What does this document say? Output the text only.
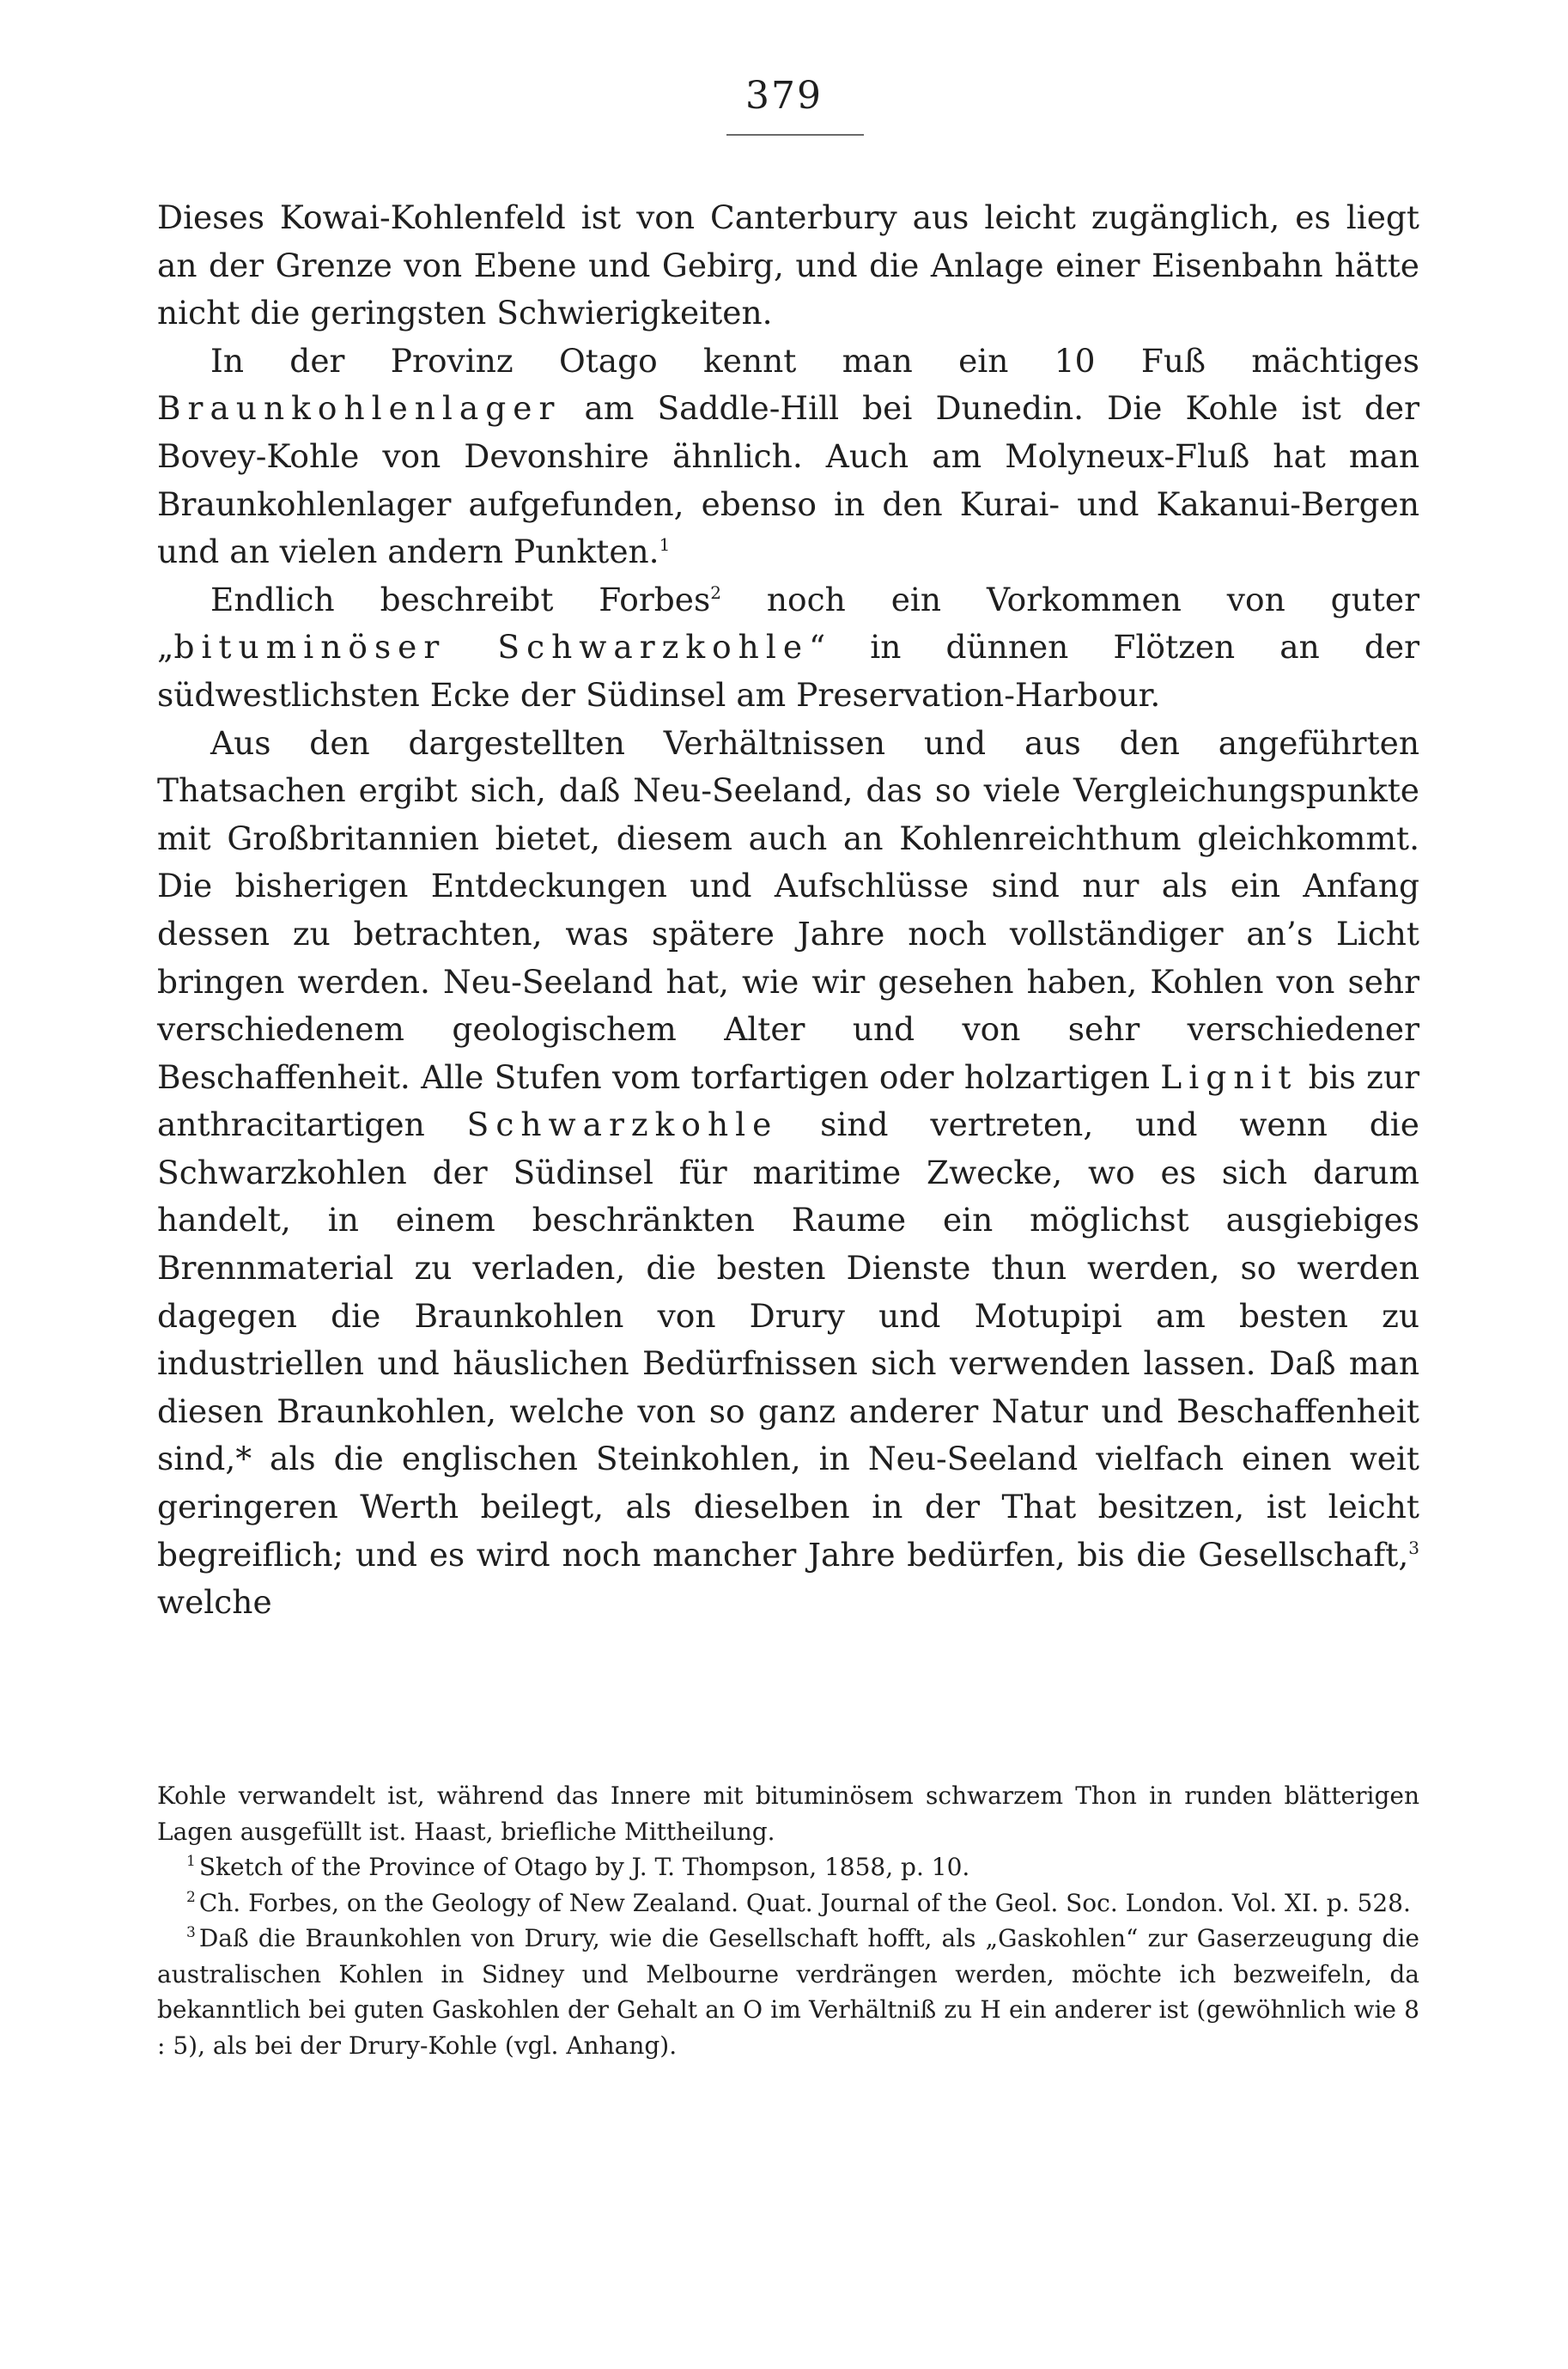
379

Dieses Kowai-Kohlenfeld ist von Canterbury aus leicht zugänglich, es liegt an der Grenze von Ebene und Gebirg, und die Anlage einer Eisenbahn hätte nicht die geringsten Schwierigkeiten.

In der Provinz Otago kennt man ein 10 Fuß mächtiges Braunkohlenlager am Saddle-Hill bei Dunedin. Die Kohle ist der Bovey-Kohle von Devonshire ähnlich. Auch am Molyneux-Fluß hat man Braunkohlenlager aufgefunden, ebenso in den Kurai- und Kakanui-Bergen und an vielen andern Punkten.$^1$

Endlich beschreibt Forbes$^2$ noch ein Vorkommen von guter „bituminöser Schwarzkohle“ in dünnen Flötzen an der südwestlichsten Ecke der Südinsel am Preservation-Harbour.

Aus den dargestellten Verhältnissen und aus den angeführten Thatsachen ergibt sich, daß Neu-Seeland, das so viele Vergleichungspunkte mit Großbritannien bietet, diesem auch an Kohlenreichthum gleichkommt. Die bisherigen Entdeckungen und Aufschlüsse sind nur als ein Anfang dessen zu betrachten, was spätere Jahre noch vollständiger an’s Licht bringen werden. Neu-Seeland hat, wie wir gesehen haben, Kohlen von sehr verschiedenem geologischem Alter und von sehr verschiedener Beschaffenheit. Alle Stufen vom torfartigen oder holzartigen Lignit bis zur anthracitartigen Schwarzkohle sind vertreten, und wenn die Schwarzkohlen der Südinsel für maritime Zwecke, wo es sich darum handelt, in einem beschränkten Raume ein möglichst ausgiebiges Brennmaterial zu verladen, die besten Dienste thun werden, so werden dagegen die Braunkohlen von Drury und Motupipi am besten zu industriellen und häuslichen Bedürfnissen sich verwenden lassen. Daß man diesen Braunkohlen, welche von so ganz anderer Natur und Beschaffenheit sind,* als die englischen Steinkohlen, in Neu-Seeland vielfach einen weit geringeren Werth beilegt, als dieselben in der That besitzen, ist leicht begreiflich; und es wird noch mancher Jahre bedürfen, bis die Gesellschaft,$^3$ welche

Kohle verwandelt ist, während das Innere mit bituminösem schwarzem Thon in runden blätterigen Lagen ausgefüllt ist. Haast, briefliche Mittheilung.

$^1$ Sketch of the Province of Otago by J. T. Thompson, 1858, p. 10.

$^2$ Ch. Forbes, on the Geology of New Zealand. Quat. Journal of the Geol. Soc. London. Vol. XI. p. 528.

$^3$ Daß die Braunkohlen von Drury, wie die Gesellschaft hofft, als „Gaskohlen“ zur Gaserzeugung die australischen Kohlen in Sidney und Melbourne verdrängen werden, möchte ich bezweifeln, da bekanntlich bei guten Gaskohlen der Gehalt an O im Verhältniß zu H ein anderer ist (gewöhnlich wie 8 : 5), als bei der Drury-Kohle (vgl. Anhang).
